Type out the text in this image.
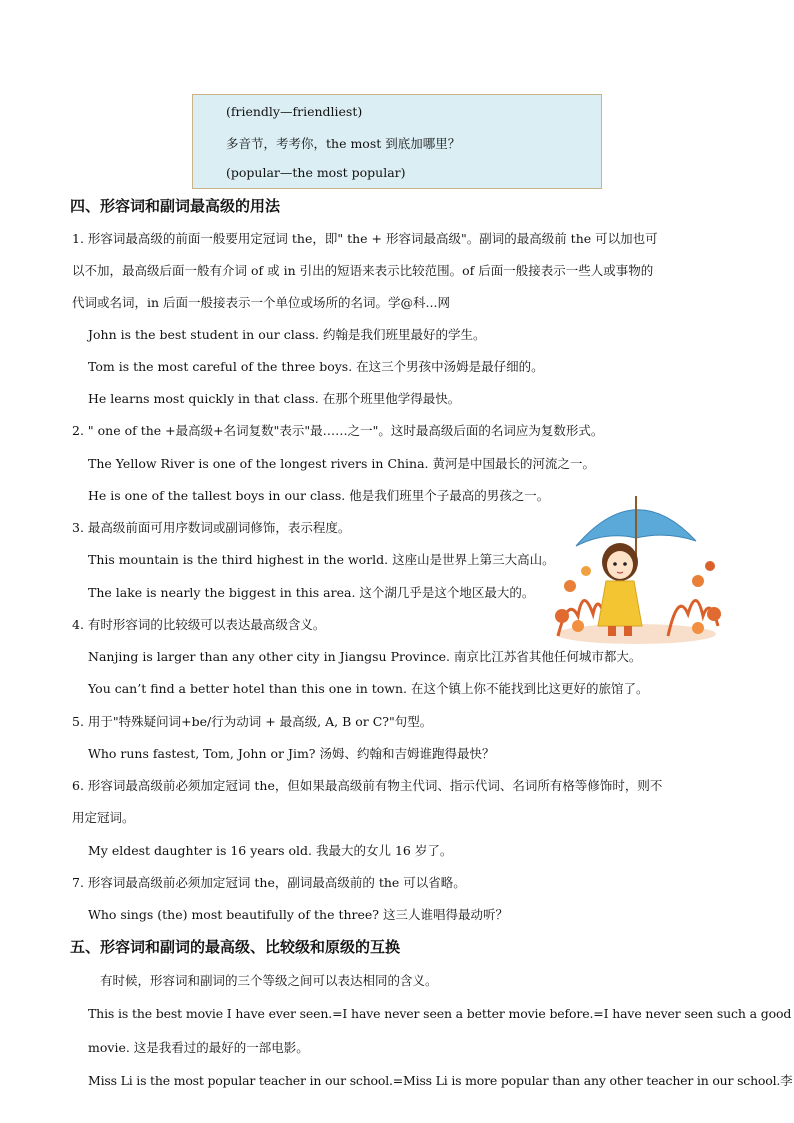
(friendly—friendliest)
多音节，考考你，the most 到底加哪里？
(popular—the most popular)
四、形容词和副词最高级的用法
1. 形容词最高级的前面一般要用定冠词 the，即" the + 形容词最高级"。副词的最高级前 the 可以加也可
以不加，最高级后面一般有介词 of 或 in 引出的短语来表示比较范围。of 后面一般接表示一些人或事物的
代词或名词，in 后面一般接表示一个单位或场所的名词。学@科...网
John is the best student in our class. 约翰是我们班里最好的学生。
Tom is the most careful of the three boys. 在这三个男孩中汤姆是最仔细的。
He learns most quickly in that class. 在那个班里他学得最快。
2. " one of the +最高级+名词复数"表示"最……之一"。这时最高级后面的名词应为复数形式。
The Yellow River is one of the longest rivers in China. 黄河是中国最长的河流之一。
He is one of the tallest boys in our class. 他是我们班里个子最高的男孩之一。
3. 最高级前面可用序数词或副词修饰，表示程度。
This mountain is the third highest in the world. 这座山是世界上第三大高山。
The lake is nearly the biggest in this area. 这个湖几乎是这个地区最大的。
4. 有时形容词的比较级可以表达最高级含义。
Nanjing is larger than any other city in Jiangsu Province. 南京比江苏省其他任何城市都大。
You can’t find a better hotel than this one in town. 在这个镇上你不能找到比这更好的旅馆了。
5. 用于"特殊疑问词+be/行为动词 + 最高级, A, B or C?"句型。
Who runs fastest, Tom, John or Jim? 汤姆、约翰和吉姆谁跑得最快？
6. 形容词最高级前必须加定冠词 the，但如果最高级前有物主代词、指示代词、名词所有格等修饰时，则不
用定冠词。
My eldest daughter is 16 years old. 我最大的女儿 16 岁了。
7. 形容词最高级前必须加定冠词 the，副词最高级前的 the 可以省略。
Who sings (the) most beautifully of the three? 这三人谁唱得最动听？
五、形容词和副词的最高级、比较级和原级的互换
有时候，形容词和副词的三个等级之间可以表达相同的含义。
This is the best movie I have ever seen.=I have never seen a better movie before.=I have never seen such a good
movie. 这是我看过的最好的一部电影。
Miss Li is the most popular teacher in our school.=Miss Li is more popular than any other teacher in our school.李
